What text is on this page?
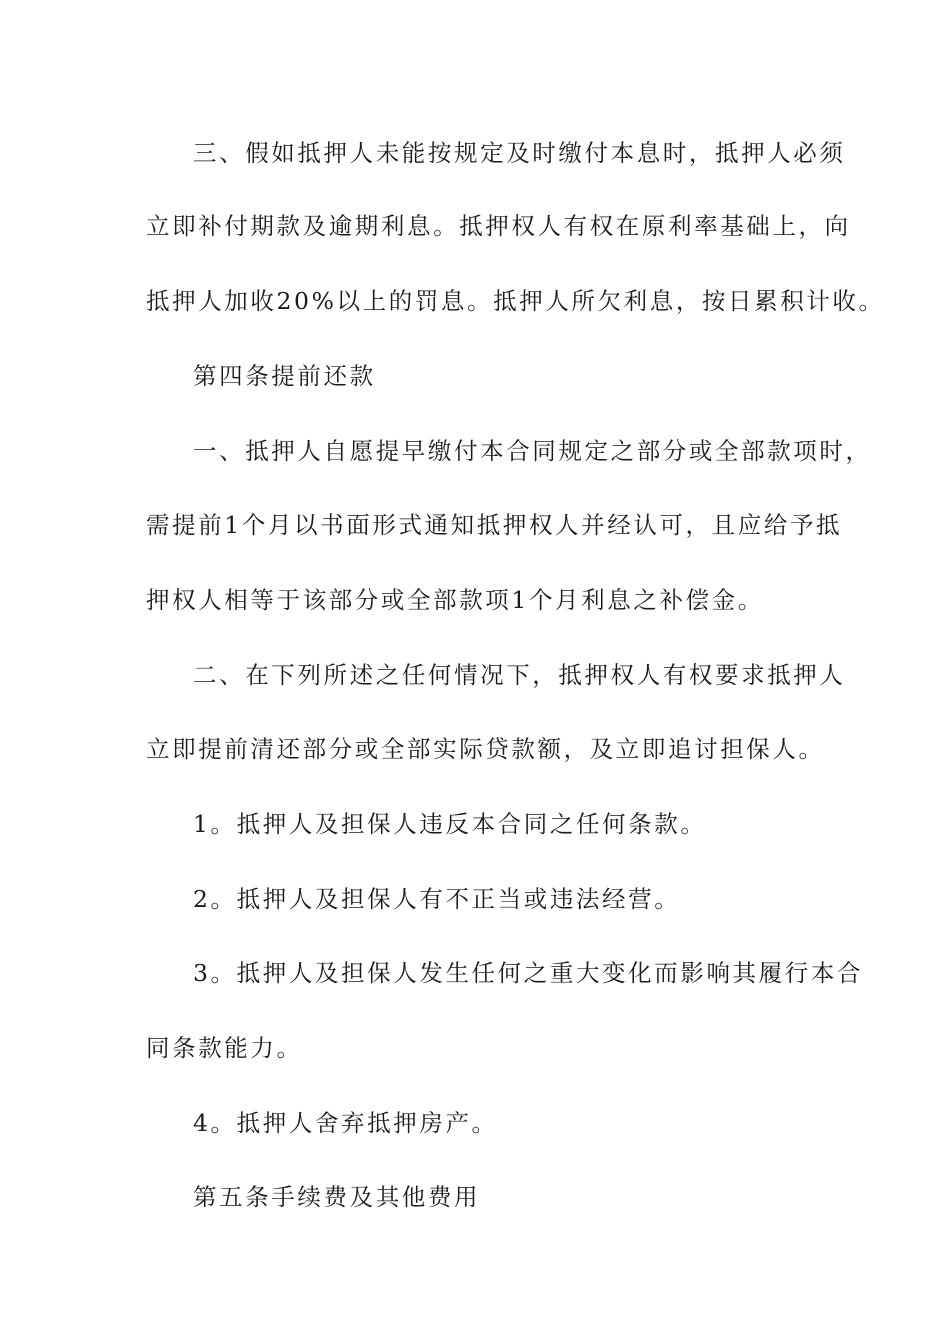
三、假如抵押人未能按规定及时缴付本息时，抵押人必须
立即补付期款及逾期利息。抵押权人有权在原利率基础上，向
抵押人加收20%以上的罚息。抵押人所欠利息，按日累积计收。
第四条提前还款
一、抵押人自愿提早缴付本合同规定之部分或全部款项时，
需提前1个月以书面形式通知抵押权人并经认可，且应给予抵
押权人相等于该部分或全部款项1个月利息之补偿金。
二、在下列所述之任何情况下，抵押权人有权要求抵押人
立即提前清还部分或全部实际贷款额，及立即追讨担保人。
1。抵押人及担保人违反本合同之任何条款。
2。抵押人及担保人有不正当或违法经营。
3。抵押人及担保人发生任何之重大变化而影响其履行本合
同条款能力。
4。抵押人舍弃抵押房产。
第五条手续费及其他费用
